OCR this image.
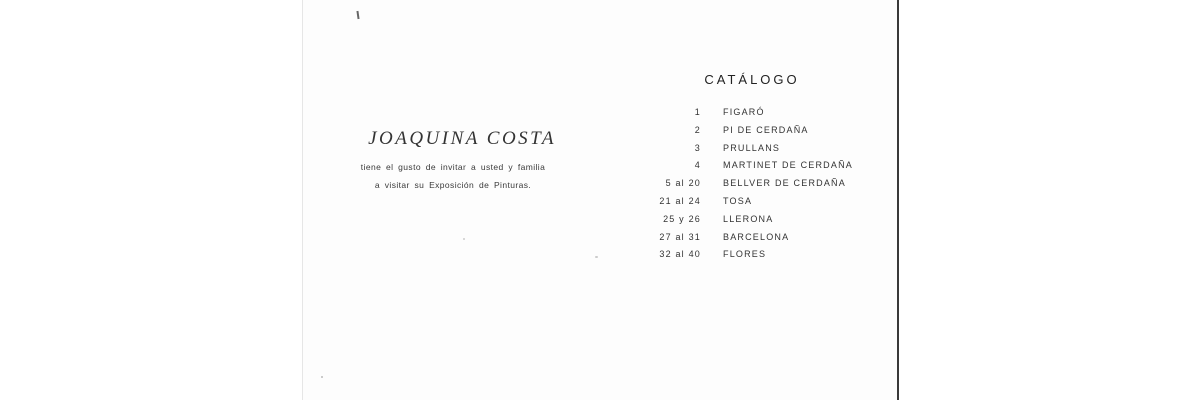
JOAQUINA COSTA
tiene el gusto de invitar a usted y familia
a visitar su Exposición de Pinturas.
CATÁLOGO
1 FIGARÓ
2 PI DE CERDAÑA
3 PRULLANS
4 MARTINET DE CERDAÑA
5 al 20 BELLVER DE CERDAÑA
21 al 24 TOSA
25 y 26 LLERONA
27 al 31 BARCELONA
32 al 40 FLORES
